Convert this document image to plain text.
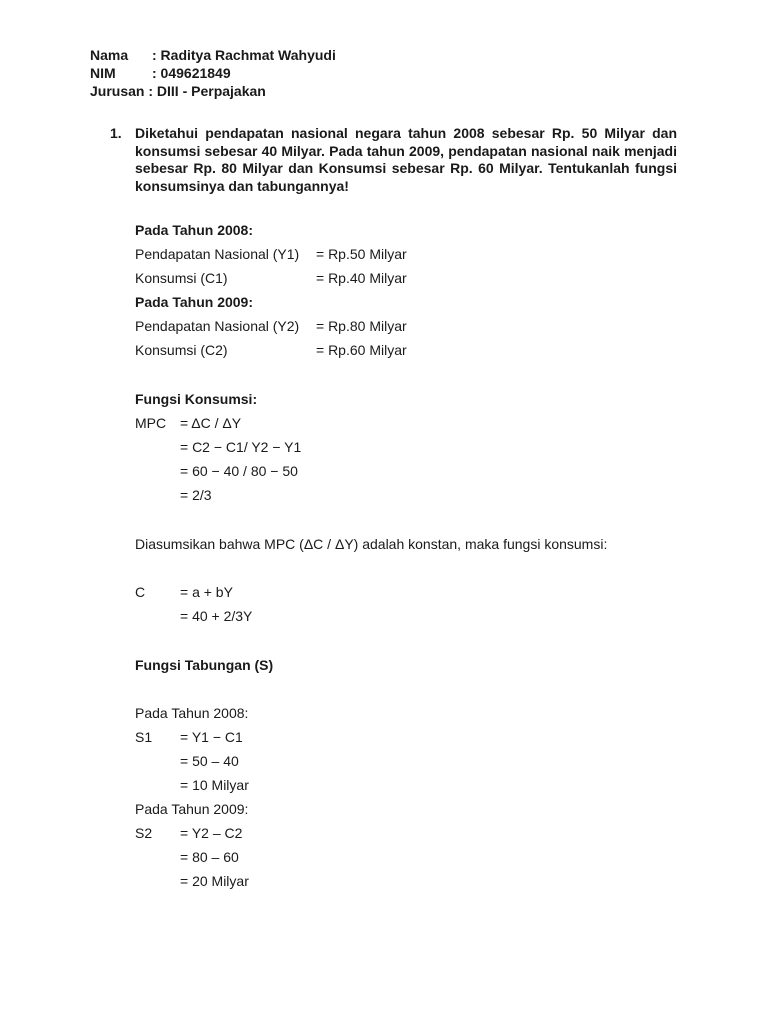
Nama : Raditya Rachmat Wahyudi
NIM	: 049621849
Jurusan : DIII - Perpajakan
1. Diketahui pendapatan nasional negara tahun 2008 sebesar Rp. 50 Milyar dan konsumsi sebesar 40 Milyar. Pada tahun 2009, pendapatan nasional naik menjadi sebesar Rp. 80 Milyar dan Konsumsi sebesar Rp. 60 Milyar. Tentukanlah fungsi konsumsinya dan tabungannya!
Pada Tahun 2008:
Pendapatan Nasional (Y1) = Rp.50 Milyar
Konsumsi (C1)	= Rp.40 Milyar
Pada Tahun 2009:
Pendapatan Nasional (Y2) = Rp.80 Milyar
Konsumsi (C2)	= Rp.60 Milyar
Fungsi Konsumsi:
MPC = ΔC / ΔY
= C2 − C1/ Y2 − Y1
= 60 − 40 / 80 − 50
= 2/3
Diasumsikan bahwa MPC (ΔC / ΔY) adalah konstan, maka fungsi konsumsi:
C = a + bY
= 40 + 2/3Y
Fungsi Tabungan (S)
Pada Tahun 2008:
S1 = Y1 − C1
= 50 – 40
= 10 Milyar
Pada Tahun 2009:
S2 = Y2 – C2
= 80 – 60
= 20 Milyar
